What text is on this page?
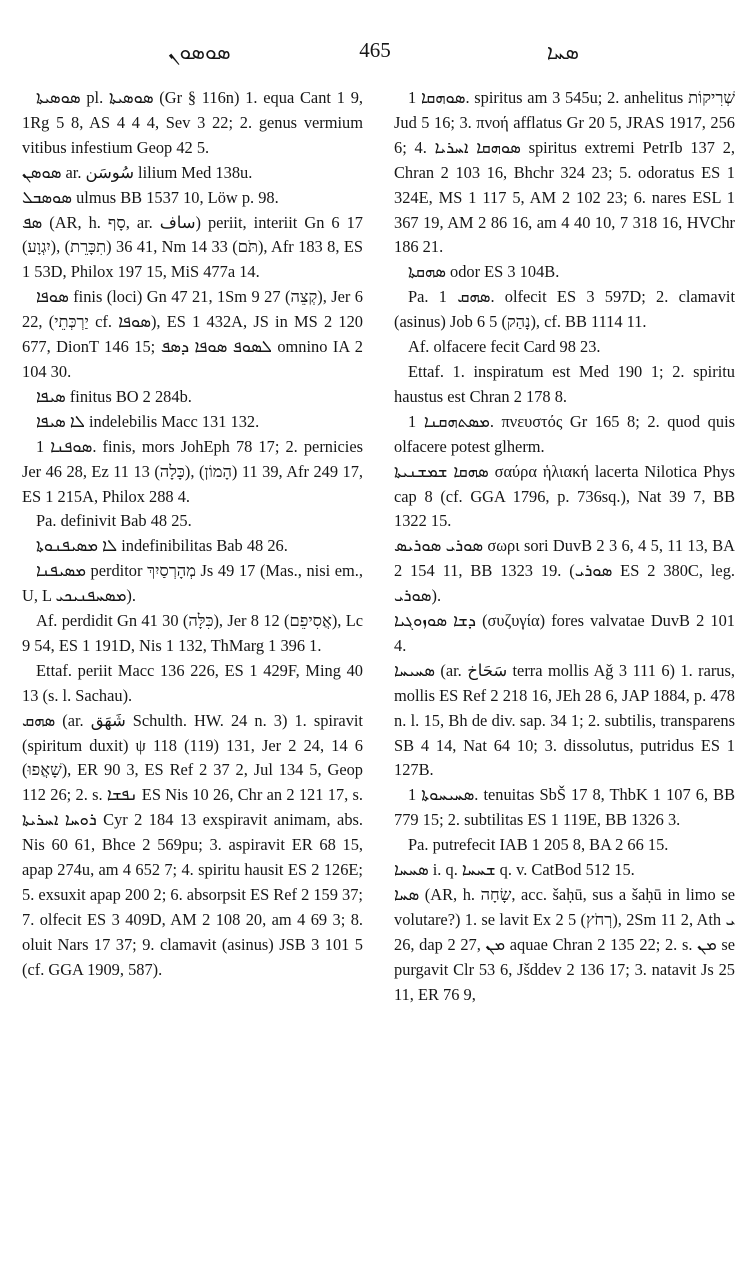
ܣܘܣܘܢ	465	ܣܚܐ

ܣܘܣܝܬܐ pl. ܣܘܣܝܬܐ (Gr § 116n) 1. equa Cant 1 9, 1Rg 5 8, AS 4 4 4, Sev 3 22; 2. genus vermium vitibus infestium Geop 42 5.

ܣܘܣܢ ar. سُوسَن lilium Med 138u.

ܣܘܣܒܠ ulmus BB 1537 10, Löw p. 98.

ܣܦ (AR, h. סָף, ar. ساف) periit, interiit Gn 6 17 (יִגְוָע), 41 36 (תִכָּרֵת), Nm 14 33 (תֹּם), Afr 183 8, ES 1 53D, Philox 197 15, MiS 477a 14.

ܣܘܦܐ finis (loci) Gn 47 21, 1Sm 9 27 (קְצֵה), Jer 6 22, (יַרְכְּתֵי cf. ܣܘܦܐ), ES 1 432A, JS in MS 2 120 677, DionT 146 15; ܠܣܘܦ ܣܘܦܐ ܕܣܦ omnino IA 2 104 30.

ܣܝܦܐ finitus BO 2 284b.

ܠܐ ܣܝܦܐ indelebilis Macc 131 132.

ܣܘܦܢܐ 1. finis, mors JohEph 78 17; 2. pernicies Jer 46 28, Ez 11 13 (כָּלָה), 39 11 (הָמוֹן), Afr 249 17, ES 1 215A, Philox 288 4.

Pa. definivit Bab 48 25.

ܠܐ ܡܣܝܦܢܘܬܐ indefinibilitas Bab 48 26.

ܡܣܝܦܢܐ perditor מְהָרְסַיִךְ Js 49 17 (Mas., nisi em., U, L ܡܣܚܦܢܝܟܝ).

Af. perdidit Gn 41 30 (כִּלָּה), Jer 8 12 (אֲסִיפֵם), Lc 9 54, ES 1 191D, Nis 1 132, ThMarg 1 396 1.

Ettaf. periit Macc 136 226, ES 1 429F, Ming 40 13 (s. l. Sachau).

ܣܗܩ (ar. شَهَق Schulth. HW. 24 n. 3) 1. spiravit (spiritum duxit) ψ 118 (119) 131, Jer 2 24, 14 6 (שָׁאֲפוּ), ER 90 3, ES Ref 2 37 2, Jul 134 5, Geop 112 26; 2. s. ܢܦܫܐ ES Nis 10 26, Chr an 2 121 17, s. ܪܘܚܐ ܐܚܪܝܬܐ Cyr 2 184 13 exspiravit animam, abs. Nis 60 61, Bhce 2 569pu; 3. aspiravit ER 68 15, apap 274u, am 4 652 7; 4. spiritu hausit ES 2 126E; 5. exsuxit apap 200 2; 6. absorpsit ES Ref 2 159 37; 7. olfecit ES 3 409D, AM 2 108 20, am 4 69 3; 8. oluit Nars 17 37; 9. clamavit (asinus) JSB 3 101 5 (cf. GGA 1909, 587).

ܣܘܗܩܐ 1. spiritus am 3 545u; 2. anhelitus שְׁרִיקוֹת Jud 5 16; 3. πνοή afflatus Gr 20 5, JRAS 1917, 256 6; 4. ܣܘܗܩܐ ܐܚܪܝܐ spiritus extremi PetrIb 137 2, Chran 2 103 16, Bhchr 324 23; 5. odoratus ES 1 324E, MS 1 117 5, AM 2 102 23; 6. nares ESL 1 367 19, AM 2 86 16, am 4 40 10, 7 318 16, HVChr 186 21.

ܣܗܩܬܐ odor ES 3 104B.

Pa. ܣܗܩ 1. olfecit ES 3 597D; 2. clamavit (asinus) Job 6 5 (נָהַק), cf. BB 1114 11.

Af. olfacere fecit Card 98 23.

Ettaf. 1. inspiratum est Med 190 1; 2. spiritu haustus est Chran 2 178 8.

ܡܣܬܗܩܢܐ 1. πνευστός Gr 165 8; 2. quod quis olfacere potest glherm.

ܣܗܩܐ ܫܡܫܢܝܬܐ σαύρα ἡλιακή lacerta Nilotica Phys cap 8 (cf. GGA 1796, p. 736sq.), Nat 39 7, BB 1322 15.

ܣܘܪܝ ܣܘܪܝܣ σωρι sori DuvB 2 3 6, 4 5, 11 13, BA 2 154 11, BB 1323 19. (ܣܘܪܝ ES 2 380C, leg. ܣܘܪܝ).

ܕܫܐ ܣܘܙܘܓܝܐ (συζυγία) fores valvatae DuvB 2 101 4.

ܣܚܝܚܐ (ar. سَحَاخ terra mollis Aǧ 3 111 6) 1. rarus, mollis ES Ref 2 218 16, JEh 28 6, JAP 1884, p. 478 n. l. 15, Bh de div. sap. 34 1; 2. subtilis, transparens SB 4 14, Nat 64 10; 3. dissolutus, putridus ES 1 127B.

ܣܚܝܚܘܬܐ 1. tenuitas SbŠ 17 8, ThbK 1 107 6, BB 779 15; 2. subtilitas ES 1 119E, BB 1326 3.

Pa. putrefecit IAB 1 205 8, BA 2 66 15.

ܣܚܚܐ i. q. ܫܚܚܐ q. v. CatBod 512 15.

ܣܚܐ (AR, h. שָׂחָה, acc. šaḥū, sus a šaḥū in limo se volutare?) 1. se lavit Ex 2 5 (רְחֹץ), 2Sm 11 2, Ath ܝ 26, dap 2 27, ܡܢ aquae Chran 2 135 22; 2. s. ܡܢ se purgavit Clr 53 6, Jšddev 2 136 17; 3. natavit Js 25 11, ER 76 9,
